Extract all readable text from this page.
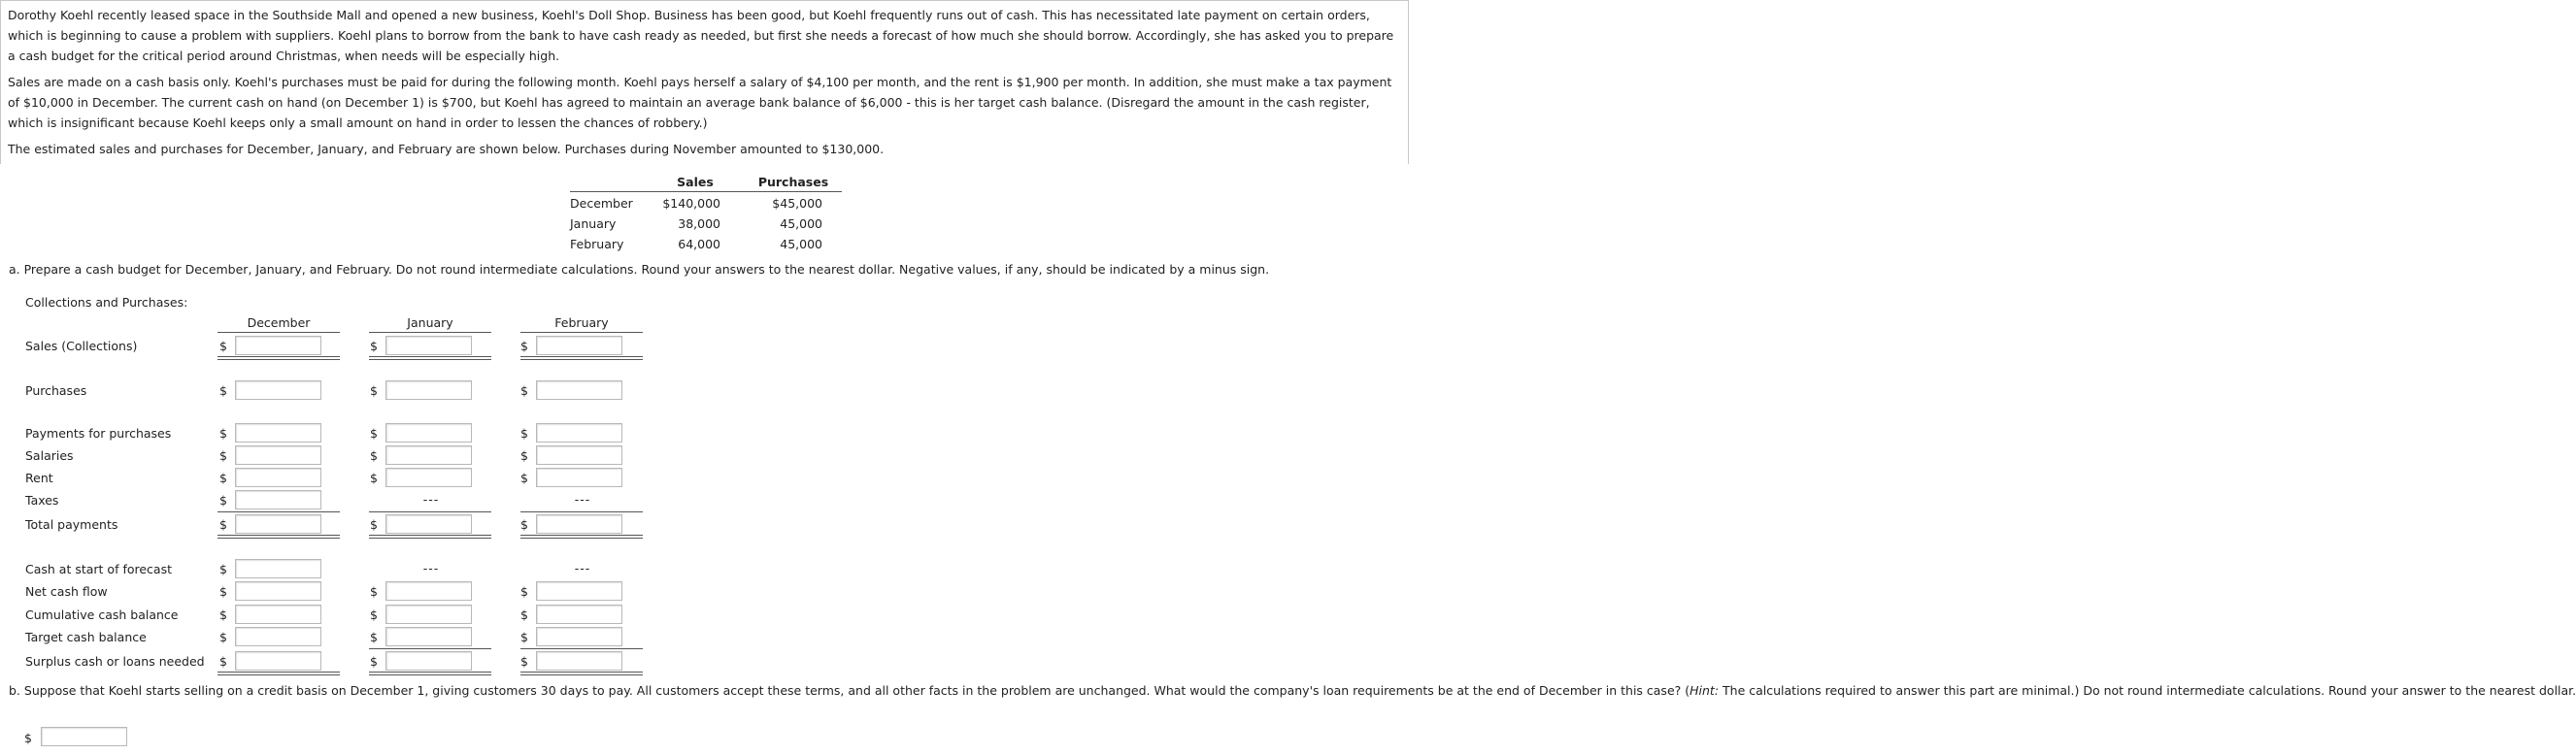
Dorothy Koehl recently leased space in the Southside Mall and opened a new business, Koehl's Doll Shop. Business has been good, but Koehl frequently runs out of cash. This has necessitated late payment on certain orders, which is beginning to cause a problem with suppliers. Koehl plans to borrow from the bank to have cash ready as needed, but first she needs a forecast of how much she should borrow. Accordingly, she has asked you to prepare a cash budget for the critical period around Christmas, when needs will be especially high.

Sales are made on a cash basis only. Koehl's purchases must be paid for during the following month. Koehl pays herself a salary of $4,100 per month, and the rent is $1,900 per month. In addition, she must make a tax payment of $10,000 in December. The current cash on hand (on December 1) is $700, but Koehl has agreed to maintain an average bank balance of $6,000 - this is her target cash balance. (Disregard the amount in the cash register, which is insignificant because Koehl keeps only a small amount on hand in order to lessen the chances of robbery.)

The estimated sales and purchases for December, January, and February are shown below. Purchases during November amounted to $130,000.

Sales	Purchases
December	$140,000	$45,000
January	38,000	45,000
February	64,000	45,000
a. Prepare a cash budget for December, January, and February. Do not round intermediate calculations. Round your answers to the nearest dollar. Negative values, if any, should be indicated by a minus sign.
Collections and Purchases:
December	January	February
Sales (Collections)	$	$	$
Purchases	$	$	$
Payments for purchases	$	$	$
Salaries	$	$	$
Rent	$	$	$
Taxes	$	---	---
Total payments	$	$	$
Cash at start of forecast	$	---	---
Net cash flow	$	$	$
Cumulative cash balance	$	$	$
Target cash balance	$	$	$
Surplus cash or loans needed $	$	$
b. Suppose that Koehl starts selling on a credit basis on December 1, giving customers 30 days to pay. All customers accept these terms, and all other facts in the problem are unchanged. What would the company's loan requirements be at the end of December in this case? (Hint: The calculations required to answer this part are minimal.) Do not round intermediate calculations. Round your answer to the nearest dollar.
$
